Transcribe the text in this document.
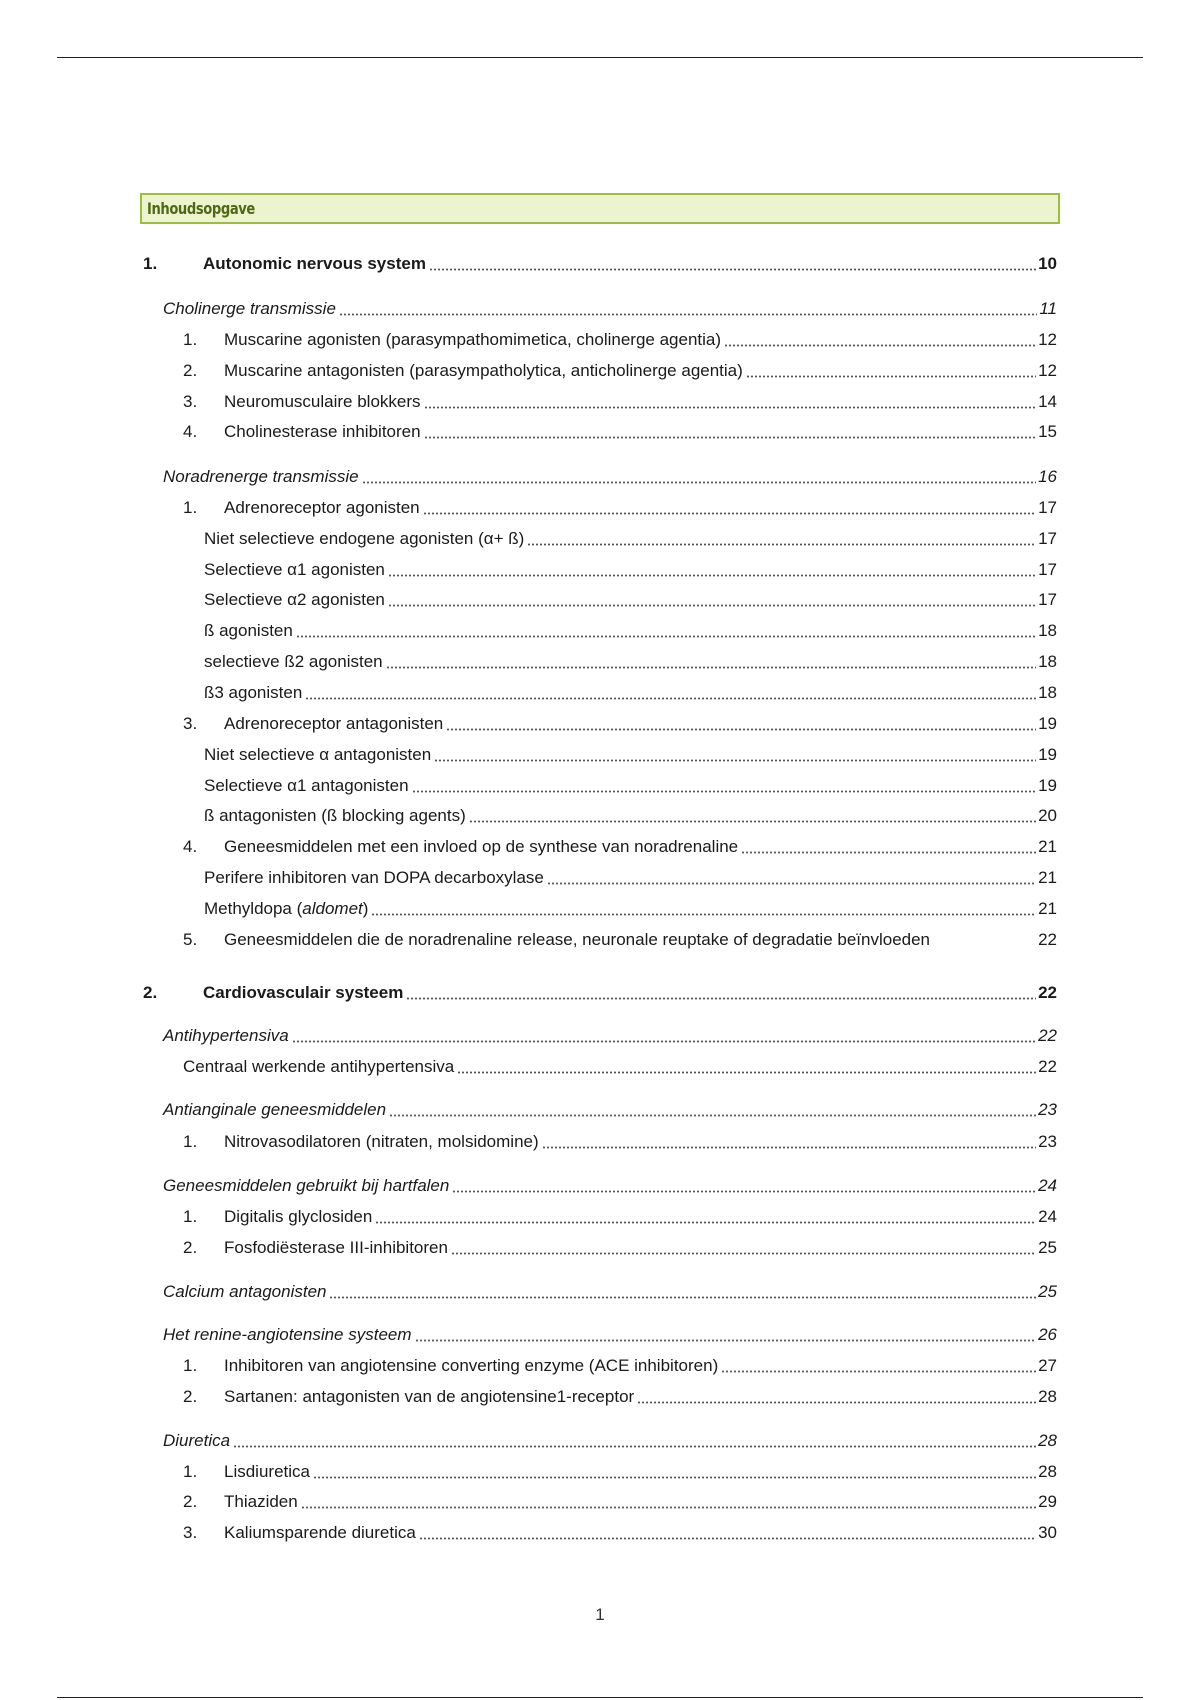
Inhoudsopgave
1.	Autonomic nervous system	10
Cholinerge transmissie	11
1. Muscarine agonisten (parasympathomimetica, cholinerge agentia)	12
2. Muscarine antagonisten (parasympatholytica, anticholinerge agentia)	12
3. Neuromusculaire blokkers	14
4. Cholinesterase inhibitoren	15
Noradrenerge transmissie	16
1. Adrenoreceptor agonisten	17
Niet selectieve endogene agonisten (α+ ß)	17
Selectieve α1 agonisten	17
Selectieve α2 agonisten	17
ß agonisten	18
selectieve ß2 agonisten	18
ß3 agonisten	18
3. Adrenoreceptor antagonisten	19
Niet selectieve α antagonisten	19
Selectieve α1 antagonisten	19
ß antagonisten (ß blocking agents)	20
4. Geneesmiddelen met een invloed op de synthese van noradrenaline	21
Perifere inhibitoren van DOPA decarboxylase	21
Methyldopa (aldomet)	21
5. Geneesmiddelen die de noradrenaline release, neuronale reuptake of degradatie beïnvloeden	22
2.	Cardiovasculair systeem	22
Antihypertensiva	22
Centraal werkende antihypertensiva	22
Antianginale geneesmiddelen	23
1. Nitrovasodilatoren (nitraten, molsidomine)	23
Geneesmiddelen gebruikt bij hartfalen	24
1. Digitalis glyclosiden	24
2. Fosfodiësterase III-inhibitoren	25
Calcium antagonisten	25
Het renine-angiotensine systeem	26
1. Inhibitoren van angiotensine converting enzyme (ACE inhibitoren)	27
2. Sartanen: antagonisten van de angiotensine1-receptor	28
Diuretica	28
1. Lisdiuretica	28
2. Thiaziden	29
3. Kaliumsparende diuretica	30
1
